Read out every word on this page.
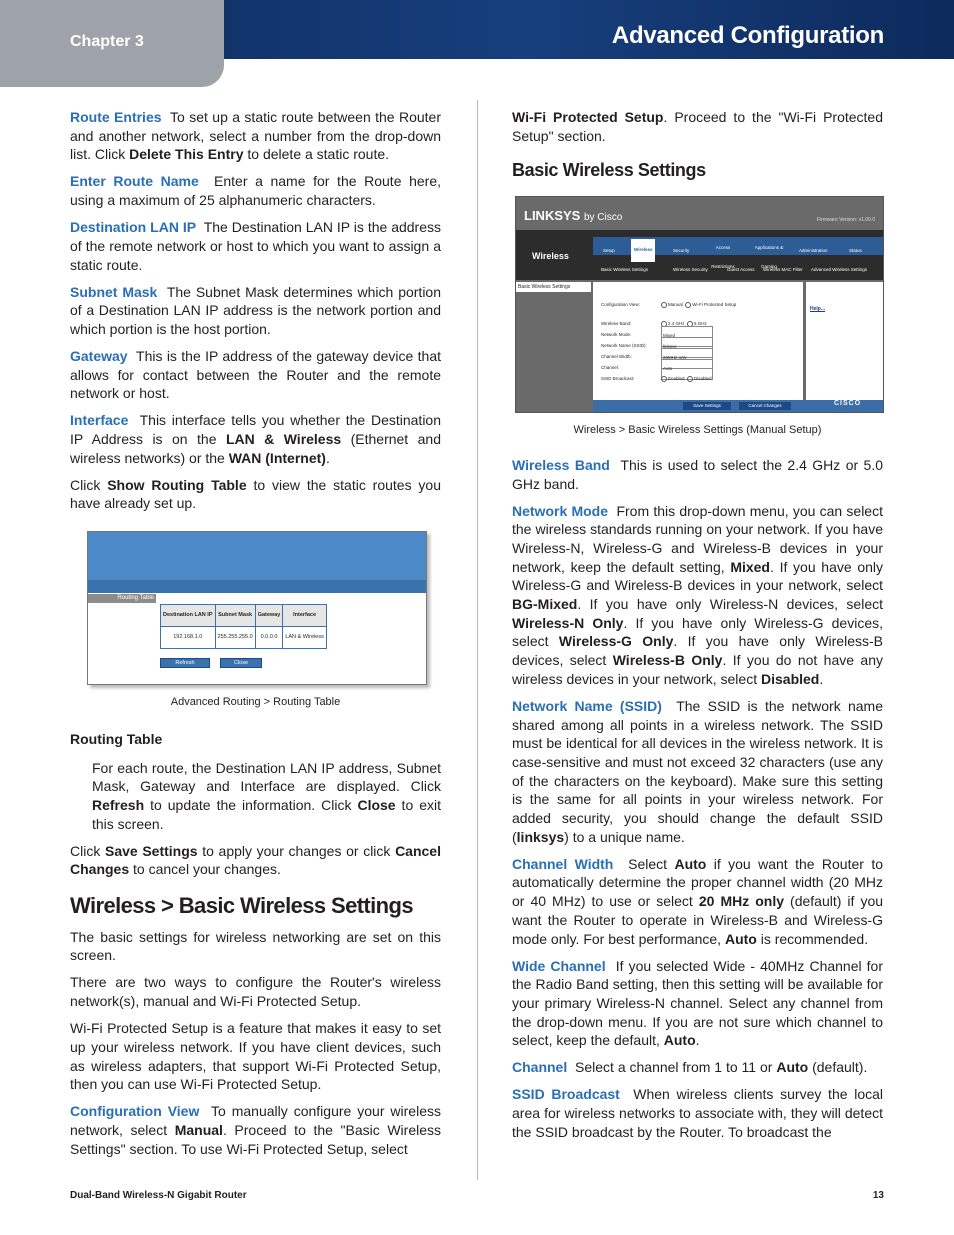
Chapter 3	Advanced Configuration

Route Entries To set up a static route between the Router and another network, select a number from the drop-down list. Click Delete This Entry to delete a static route.

Enter Route Name Enter a name for the Route here, using a maximum of 25 alphanumeric characters.

Destination LAN IP The Destination LAN IP is the address of the remote network or host to which you want to assign a static route.

Subnet Mask The Subnet Mask determines which portion of a Destination LAN IP address is the network portion and which portion is the host portion.

Gateway This is the IP address of the gateway device that allows for contact between the Router and the remote network or host.

Interface This interface tells you whether the Destination IP Address is on the LAN & Wireless (Ethernet and wireless networks) or the WAN (Internet).

Click Show Routing Table to view the static routes you have already set up.

Routing Table
Destination LAN IP	Subnet Mask	Gateway	Interface
192.168.1.0	255.255.255.0	0.0.0.0	LAN & Wireless
Refresh	Close
Advanced Routing > Routing Table
Routing Table

For each route, the Destination LAN IP address, Subnet Mask, Gateway and Interface are displayed. Click Refresh to update the information. Click Close to exit this screen.

Click Save Settings to apply your changes or click Cancel Changes to cancel your changes.

Wireless > Basic Wireless Settings

The basic settings for wireless networking are set on this screen.

There are two ways to configure the Router's wireless network(s), manual and Wi-Fi Protected Setup.

Wi-Fi Protected Setup is a feature that makes it easy to set up your wireless network. If you have client devices, such as wireless adapters, that support Wi-Fi Protected Setup, then you can use Wi-Fi Protected Setup.

Configuration View To manually configure your wireless network, select Manual. Proceed to the "Basic Wireless Settings" section. To use Wi-Fi Protected Setup, select

Wi-Fi Protected Setup. Proceed to the "Wi-Fi Protected Setup" section.

Basic Wireless Settings
LINKSYS by Cisco	Firmware Version: v1.00.0
Wireless
Setup	Wireless	Security
Access Restrictions
Applications & Gaming
Administration	Status
Basic Wireless Settings	Wireless Security	Guest Access Wireless MAC Filter Advanced Wireless Settings
Basic Wireless Settings
Configuration View:	Manual Wi-Fi Protected Setup
Wireless Band:	2.4 GHz 5 GHz
Network Mode:	Mixed
Network Name (SSID):	linksys
Channel Width:	20MHz only
Channel:	Auto
SSID Broadcast:	Enabled Disabled
Help...
Save Settings	Cancel Changes	CISCO
Wireless > Basic Wireless Settings (Manual Setup)

Wireless Band This is used to select the 2.4 GHz or 5.0 GHz band.

Network Mode From this drop-down menu, you can select the wireless standards running on your network. If you have Wireless-N, Wireless-G and Wireless-B devices in your network, keep the default setting, Mixed. If you have only Wireless-G and Wireless-B devices in your network, select BG-Mixed. If you have only Wireless-N devices, select Wireless-N Only. If you have only Wireless-G devices, select Wireless-G Only. If you have only Wireless-B devices, select Wireless-B Only. If you do not have any wireless devices in your network, select Disabled.

Network Name (SSID) The SSID is the network name shared among all points in a wireless network. The SSID must be identical for all devices in the wireless network. It is case-sensitive and must not exceed 32 characters (use any of the characters on the keyboard). Make sure this setting is the same for all points in your wireless network. For added security, you should change the default SSID (linksys) to a unique name.

Channel Width Select Auto if you want the Router to automatically determine the proper channel width (20 MHz or 40 MHz) to use or select 20 MHz only (default) if you want the Router to operate in Wireless-B and Wireless-G mode only. For best performance, Auto is recommended.

Wide Channel If you selected Wide - 40MHz Channel for the Radio Band setting, then this setting will be available for your primary Wireless-N channel. Select any channel from the drop-down menu. If you are not sure which channel to select, keep the default, Auto.

Channel Select a channel from 1 to 11 or Auto (default).

SSID Broadcast When wireless clients survey the local area for wireless networks to associate with, they will detect the SSID broadcast by the Router. To broadcast the

Dual-Band Wireless-N Gigabit Router	13
